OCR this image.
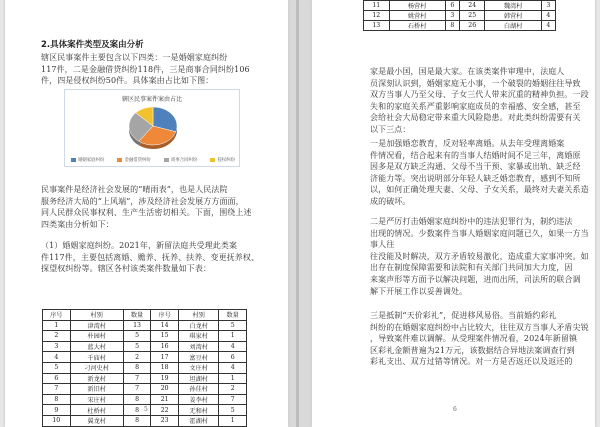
2.具体案件类型及案由分析
辖区民事案件主要包含以下四类：一是婚姻家庭纠纷
117件，二是金融借贷纠纷118件，三是商事合同纠纷106
件，四是侵权纠纷50件。具体案由占比如下图：
辖区民事案件案由占比
婚姻家庭纠纷	金融借贷纠纷	商事合同纠纷	侵权纠纷
民事案件是经济社会发展的“晴雨表”，也是人民法院
服务经济大局的“上风端”，涉及经济社会发展方方面面，
同人民群众民事权利、生产生活密切相关。下面，围绕上述
四类案由分析如下：
（1）婚姻家庭纠纷。2021年，新留法庭共受理此类案
件117件，主要包括离婚、赡养、抚养、扶养、变更抚养权、
探望权纠纷等。辖区各村该类案件数量如下表：
5
序号	村别	数量	序号	村别	数量
1	津湾村	13	14	白龙村	5
2	朴园村	5	15	琪家村	1
3	蓝大村	5	16	刘湾村	4
4	千庙村	2	17	富豆村	6
5	刁河史村	8	18	文庄村	4
6	新龙村	7	19	坦湖村	1
7	新旧村	7	20	孙佳村	2
8	宋庄村	8	21	姜李村	7
9	杜桥村	8	22	无和村	5
10	翼龙村	8	23	霍湖村	1
家是最小国，国是最大家。在该类案件审理中，法庭人
员深刻认识到，婚姻家庭无小事，一个破裂的婚姻往往导致
双方当事人乃至父母、子女三代人带来沉重的精神负担。一段
失和的家庭关系严重影响家庭成员的幸福感、安全感，甚至
会给社会大局稳定带来重大风险隐患。对此类纠纷需要有关
以下三点：
一是加强婚恋教育，反对轻率离婚。从去年受理离婚案
件情况看，结合起来有的当事人结婚时间不足三年，离婚原
因多是双方缺乏沟通、父母不当干预、家暴或出轨、缺乏经
济能力等。突出说明部分年轻人缺乏婚恋教育，感到不知所
以，如何正确处理夫妻、父母、子女关系，最终对夫妻关系造成的破坏。
二是严厉打击婚姻家庭纠纷中的违法犯罪行为，制约违法
出现的情况。少数案件当事人婚姻家庭问题已久，如果一方当事人往
往没能及时解决，双方矛盾较易激化，造成重大家事冲突。如
出存在制度保障需要和法院和有关部门共同加大力度，因
来案声形等方面予以解决问题，进而出所，司法所的联合调
解下开展工作以妥善调处。
三是抵制“天价彩礼”，促进移风易俗。当前婚约彩礼
纠纷的在婚姻家庭纠纷中占比较大，往往双方当事人矛盾尖锐
，导致案件难以调解。从受理案件情况看，2024年新留镇
区彩礼金额普遍为21万元，该数据结合异地法案调查行到
彩礼支出、双方过错等情况。对一方是否返还以及返还的
6
11	杨营村	6	24	魏湾村	3
12	姚营村	3	25	韩营村	4
13	石桥村	8	26	白湖村	4
